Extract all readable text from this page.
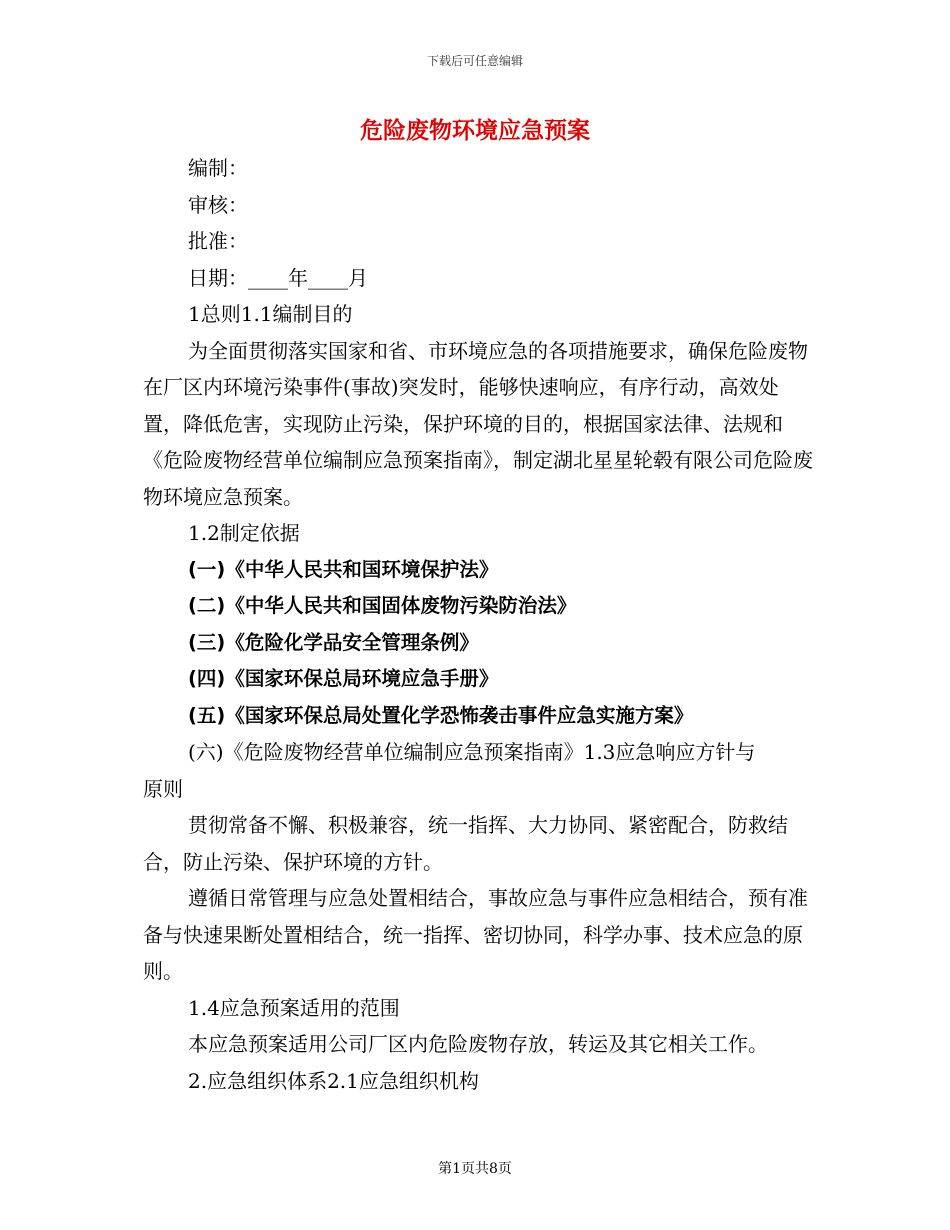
下载后可任意编辑
危险废物环境应急预案
编制：
审核：
批准：
日期：____年____月
1总则1.1编制目的
为全面贯彻落实国家和省、市环境应急的各项措施要求，确保危险废物在厂区内环境污染事件(事故)突发时，能够快速响应，有序行动，高效处置，降低危害，实现防止污染，保护环境的目的，根据国家法律、法规和《危险废物经营单位编制应急预案指南》，制定湖北星星轮毂有限公司危险废物环境应急预案。
1.2制定依据
(一)《中华人民共和国环境保护法》
(二)《中华人民共和国固体废物污染防治法》
(三)《危险化学品安全管理条例》
(四)《国家环保总局环境应急手册》
(五)《国家环保总局处置化学恐怖袭击事件应急实施方案》
(六)《危险废物经营单位编制应急预案指南》1.3应急响应方针与
原则
贯彻常备不懈、积极兼容，统一指挥、大力协同、紧密配合，防救结合，防止污染、保护环境的方针。
遵循日常管理与应急处置相结合，事故应急与事件应急相结合，预有准备与快速果断处置相结合，统一指挥、密切协同，科学办事、技术应急的原则。
1.4应急预案适用的范围
本应急预案适用公司厂区内危险废物存放，转运及其它相关工作。
2.应急组织体系2.1应急组织机构
第1页共8页
